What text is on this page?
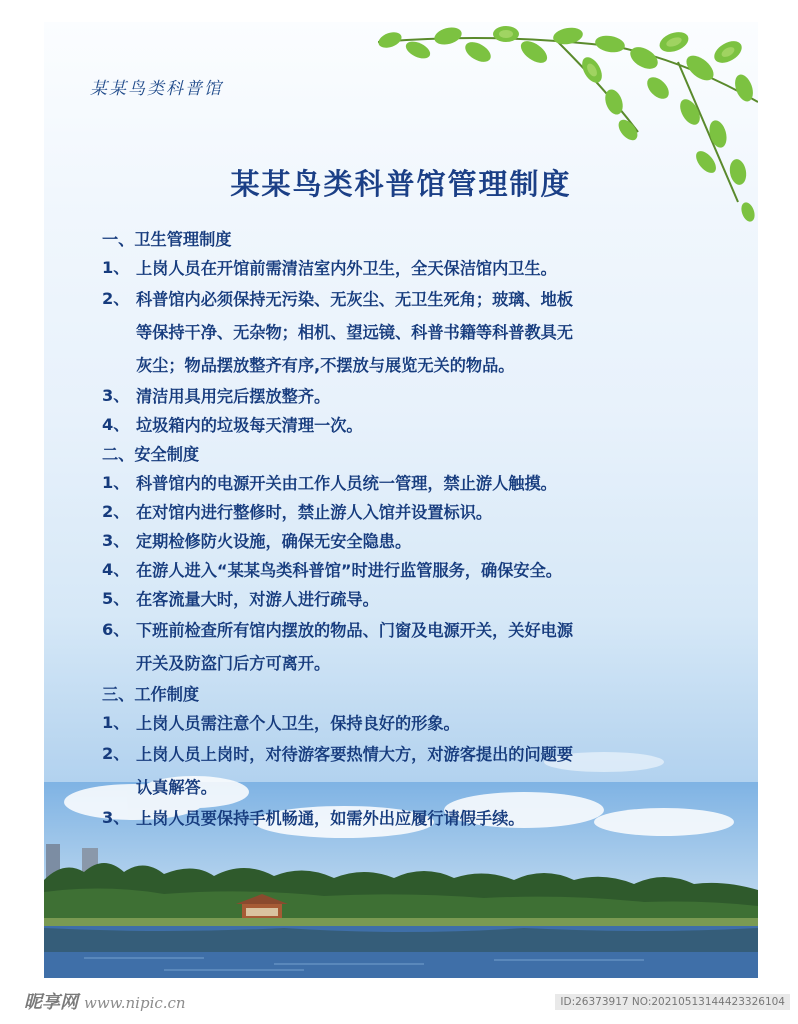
某某鸟类科普馆
某某鸟类科普馆管理制度
一、卫生管理制度
1、 上岗人员在开馆前需清洁室内外卫生，全天保洁馆内卫生。
2、 科普馆内必须保持无污染、无灰尘、无卫生死角；玻璃、地板
等保持干净、无杂物；相机、望远镜、科普书籍等科普教具无
灰尘；物品摆放整齐有序,不摆放与展览无关的物品。
3、 清洁用具用完后摆放整齐。
4、 垃圾箱内的垃圾每天清理一次。
二、安全制度
1、 科普馆内的电源开关由工作人员统一管理，禁止游人触摸。
2、 在对馆内进行整修时，禁止游人入馆并设置标识。
3、 定期检修防火设施，确保无安全隐患。
4、 在游人进入“某某鸟类科普馆”时进行监管服务，确保安全。
5、 在客流量大时，对游人进行疏导。
6、 下班前检查所有馆内摆放的物品、门窗及电源开关，关好电源
开关及防盗门后方可离开。
三、工作制度
1、 上岗人员需注意个人卫生，保持良好的形象。
2、 上岗人员上岗时，对待游客要热情大方，对游客提出的问题要
认真解答。
3、 上岗人员要保持手机畅通，如需外出应履行请假手续。
昵享网 www.nipic.cn	ID:26373917 NO:20210513144423326104
